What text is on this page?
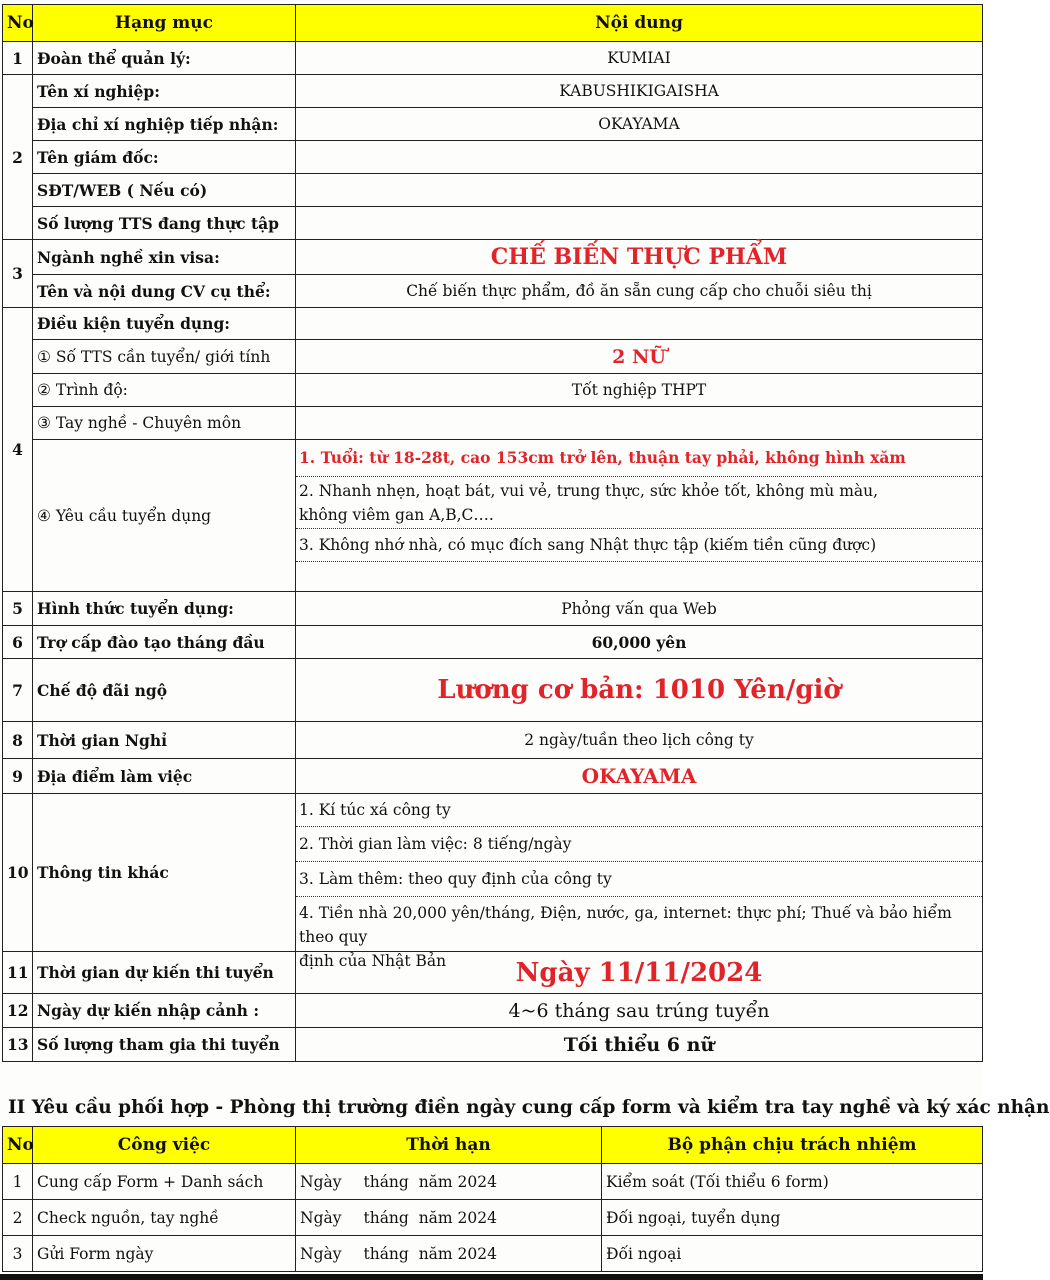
No	Hạng mục	Nội dung
1	Đoàn thể quản lý:	KUMIAI
2	Tên xí nghiệp:	KABUSHIKIGAISHA
	Địa chỉ xí nghiệp tiếp nhận:	OKAYAMA
	Tên giám đốc:	
	SĐT/WEB ( Nếu có)	
	Số lượng TTS đang thực tập	
3	Ngành nghề xin visa:	CHẾ BIẾN THỰC PHẨM
	Tên và nội dung CV cụ thể:	Chế biến thực phẩm, đồ ăn sẵn cung cấp cho chuỗi siêu thị
4	Điều kiện tuyển dụng:	
	① Số TTS cần tuyển/ giới tính	2 NỮ
	② Trình độ:	Tốt nghiệp THPT
	③ Tay nghề - Chuyên môn	
	④ Yêu cầu tuyển dụng	1. Tuổi: từ 18-28t, cao 153cm trở lên, thuận tay phải, không hình xăm
2. Nhanh nhẹn, hoạt bát, vui vẻ, trung thực, sức khỏe tốt, không mù màu,
không viêm gan A,B,C….
3. Không nhớ nhà, có mục đích sang Nhật thực tập (kiếm tiền cũng được)

5	Hình thức tuyển dụng:	Phỏng vấn qua Web
6	Trợ cấp đào tạo tháng đầu	60,000 yên
7	Chế độ đãi ngộ	Lương cơ bản: 1010 Yên/giờ
8	Thời gian Nghỉ	2 ngày/tuần theo lịch công ty
9	Địa điểm làm việc	OKAYAMA
10	Thông tin khác	1. Kí túc xá công ty
2. Thời gian làm việc: 8 tiếng/ngày
3. Làm thêm: theo quy định của công ty
4. Tiền nhà 20,000 yên/tháng, Điện, nước, ga, internet: thực phí; Thuế và bảo hiểm theo quy
định của Nhật Bản

11	Thời gian dự kiến thi tuyển	Ngày 11/11/2024
12	Ngày dự kiến nhập cảnh :	4~6 tháng sau trúng tuyển
13	Số lượng tham gia thi tuyển	Tối thiểu 6 nữ
II Yêu cầu phối hợp - Phòng thị trường điền ngày cung cấp form và kiểm tra tay nghề và ký xác nhận
No	Công việc	Thời hạn	Bộ phận chịu trách nhiệm
1	Cung cấp Form + Danh sách	Ngày tháng năm 2024	Kiểm soát (Tối thiểu 6 form)
2	Check nguồn, tay nghề	Ngày tháng năm 2024	Đối ngoại, tuyển dụng
3	Gửi Form ngày	Ngày tháng năm 2024	Đối ngoại
